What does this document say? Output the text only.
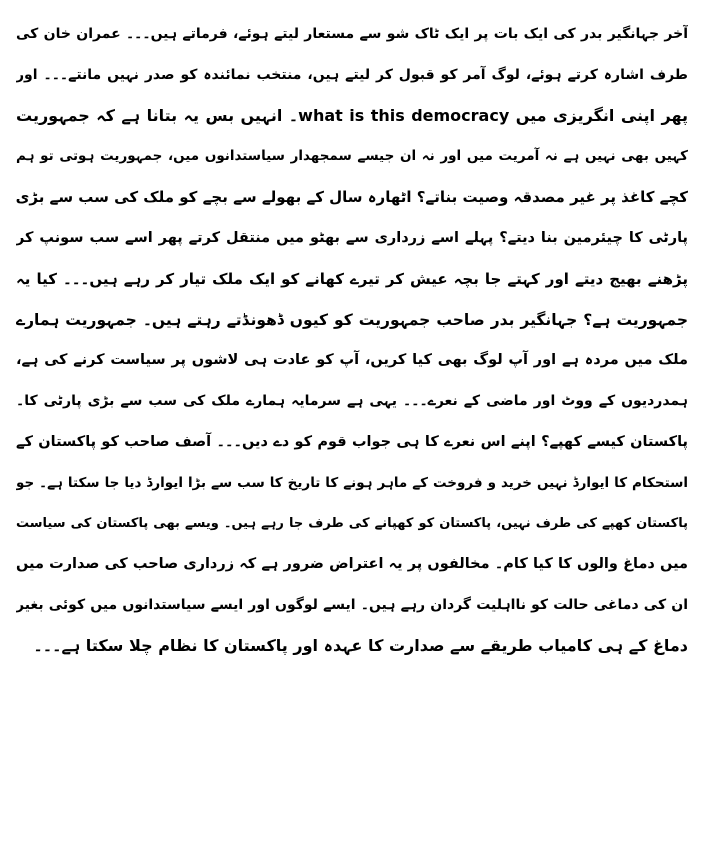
آخر جہانگیر بدر کی ایک بات پر ایک ٹاک شو سے مستعار لیتے ہوئے، فرماتے ہیں۔۔۔ عمران خان کی
طرف اشارہ کرتے ہوئے، لوگ آمر کو قبول کر لیتے ہیں، منتخب نمائندہ کو صدر نہیں مانتے۔۔۔ اور
پھر اپنی انگریزی میں what is this democracy۔ انہیں بس یہ بتانا ہے کہ جمہوریت
کہیں بھی نہیں ہے نہ آمریت میں اور نہ ان جیسے سمجھدار سیاستدانوں میں، جمہوریت ہوتی تو ہم
کچے کاغذ پر غیر مصدقہ وصیت بناتے؟ اٹھارہ سال کے بھولے سے بچے کو ملک کی سب سے بڑی
پارٹی کا چیئرمین بنا دیتے؟ پہلے اسے زرداری سے بھٹو میں منتقل کرتے پھر اسے سب سونپ کر
پڑھنے بھیج دیتے اور کہتے جا بچہ عیش کر تیرے کھانے کو ایک ملک تیار کر رہے ہیں۔۔۔ کیا یہ
جمہوریت ہے؟ جہانگیر بدر صاحب جمہوریت کو کیوں ڈھونڈتے رہتے ہیں۔ جمہوریت ہمارے
ملک میں مردہ ہے اور آپ لوگ بھی کیا کریں، آپ کو عادت ہی لاشوں پر سیاست کرنے کی ہے،
ہمدردیوں کے ووٹ اور ماضی کے نعرے۔۔۔ یہی ہے سرمایہ ہمارے ملک کی سب سے بڑی پارٹی کا۔
پاکستان کیسے کھپے؟ اپنے اس نعرے کا ہی جواب قوم کو دے دیں۔۔۔ آصف صاحب کو پاکستان کے
استحکام کا ایوارڈ نہیں خرید و فروخت کے ماہر ہونے کا تاریخ کا سب سے بڑا ایوارڈ دیا جا سکتا ہے۔ جو
پاکستان کھپے کی طرف نہیں، پاکستان کو کھپانے کی طرف جا رہے ہیں۔ ویسے بھی پاکستان کی سیاست
میں دماغ والوں کا کیا کام۔ مخالفوں پر یہ اعتراض ضرور ہے کہ زرداری صاحب کی صدارت میں
ان کی دماغی حالت کو نااہلیت گردان رہے ہیں۔ ایسے لوگوں اور ایسے سیاستدانوں میں کوئی بغیر
دماغ کے ہی کامیاب طریقے سے صدارت کا عہدہ اور پاکستان کا نظام چلا سکتا ہے۔۔۔
